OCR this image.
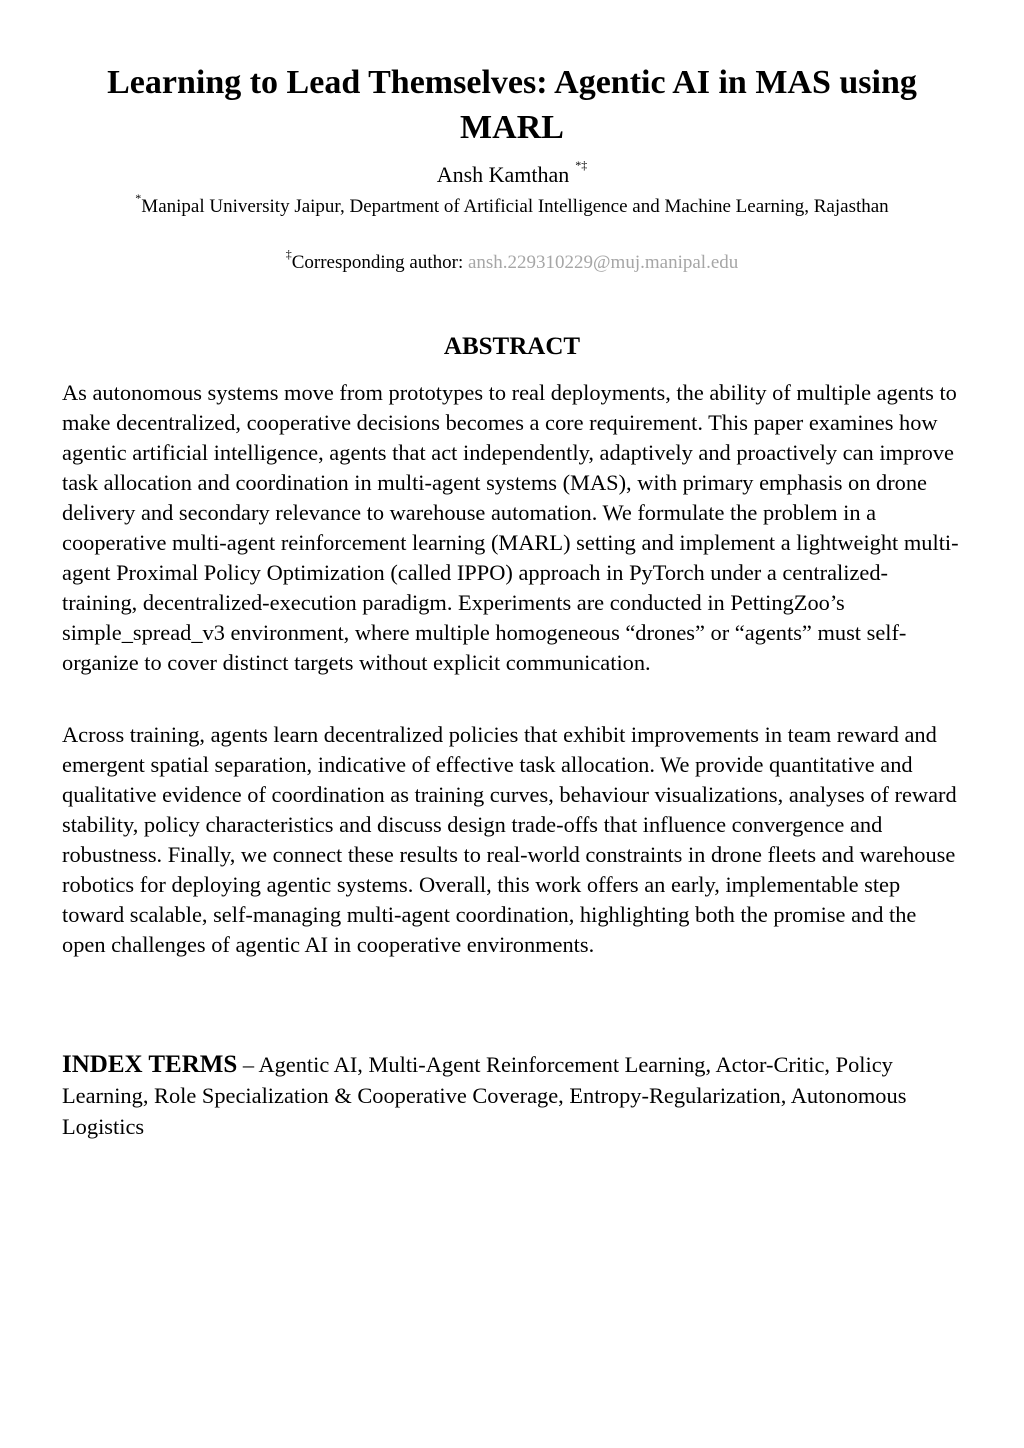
Learning to Lead Themselves: Agentic AI in MAS using MARL
Ansh Kamthan *‡
*Manipal University Jaipur, Department of Artificial Intelligence and Machine Learning, Rajasthan
‡Corresponding author: ansh.229310229@muj.manipal.edu
ABSTRACT

As autonomous systems move from prototypes to real deployments, the ability of multiple agents to make decentralized, cooperative decisions becomes a core requirement. This paper examines how agentic artificial intelligence, agents that act independently, adaptively and proactively can improve task allocation and coordination in multi-agent systems (MAS), with primary emphasis on drone delivery and secondary relevance to warehouse automation. We formulate the problem in a cooperative multi-agent reinforcement learning (MARL) setting and implement a lightweight multi-agent Proximal Policy Optimization (called IPPO) approach in PyTorch under a centralized-training, decentralized-execution paradigm. Experiments are conducted in PettingZoo’s simple_spread_v3 environment, where multiple homogeneous “drones” or “agents” must self-organize to cover distinct targets without explicit communication.

Across training, agents learn decentralized policies that exhibit improvements in team reward and emergent spatial separation, indicative of effective task allocation. We provide quantitative and qualitative evidence of coordination as training curves, behaviour visualizations, analyses of reward stability, policy characteristics and discuss design trade-offs that influence convergence and robustness. Finally, we connect these results to real-world constraints in drone fleets and warehouse robotics for deploying agentic systems. Overall, this work offers an early, implementable step toward scalable, self-managing multi-agent coordination, highlighting both the promise and the open challenges of agentic AI in cooperative environments.

INDEX TERMS – Agentic AI, Multi-Agent Reinforcement Learning, Actor-Critic, Policy Learning, Role Specialization & Cooperative Coverage, Entropy-Regularization, Autonomous Logistics
